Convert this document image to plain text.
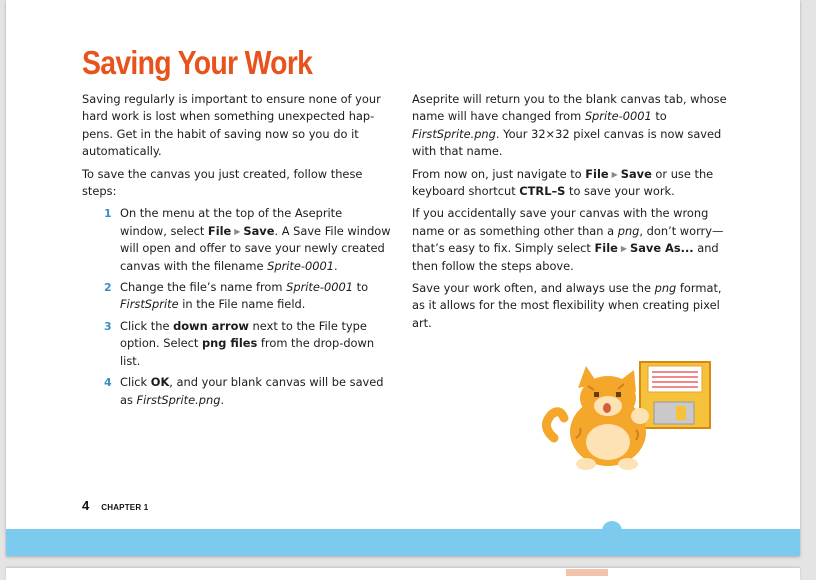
Saving Your Work

Saving regularly is important to ensure none of your hard work is lost when something unexpected hap-pens. Get in the habit of saving now so you do it automatically.

To save the canvas you just created, follow these steps:

1 On the menu at the top of the Aseprite window, select File ▶ Save. A Save File window will open and offer to save your newly created canvas with the filename Sprite-0001.
2 Change the file’s name from Sprite-0001 to FirstSprite in the File name field.
3 Click the down arrow next to the File type option. Select png files from the drop-down list.
4 Click OK, and your blank canvas will be saved as FirstSprite.png.

Aseprite will return you to the blank canvas tab, whose name will have changed from Sprite-0001 to FirstSprite.png. Your 32×32 pixel canvas is now saved with that name.

From now on, just navigate to File ▶ Save or use the keyboard shortcut CTRL–S to save your work.

If you accidentally save your canvas with the wrong name or as something other than a png, don’t worry—that’s easy to fix. Simply select File ▶ Save As... and then follow the steps above.

Save your work often, and always use the png format, as it allows for the most flexibility when creating pixel art.

4 CHAPTER 1
